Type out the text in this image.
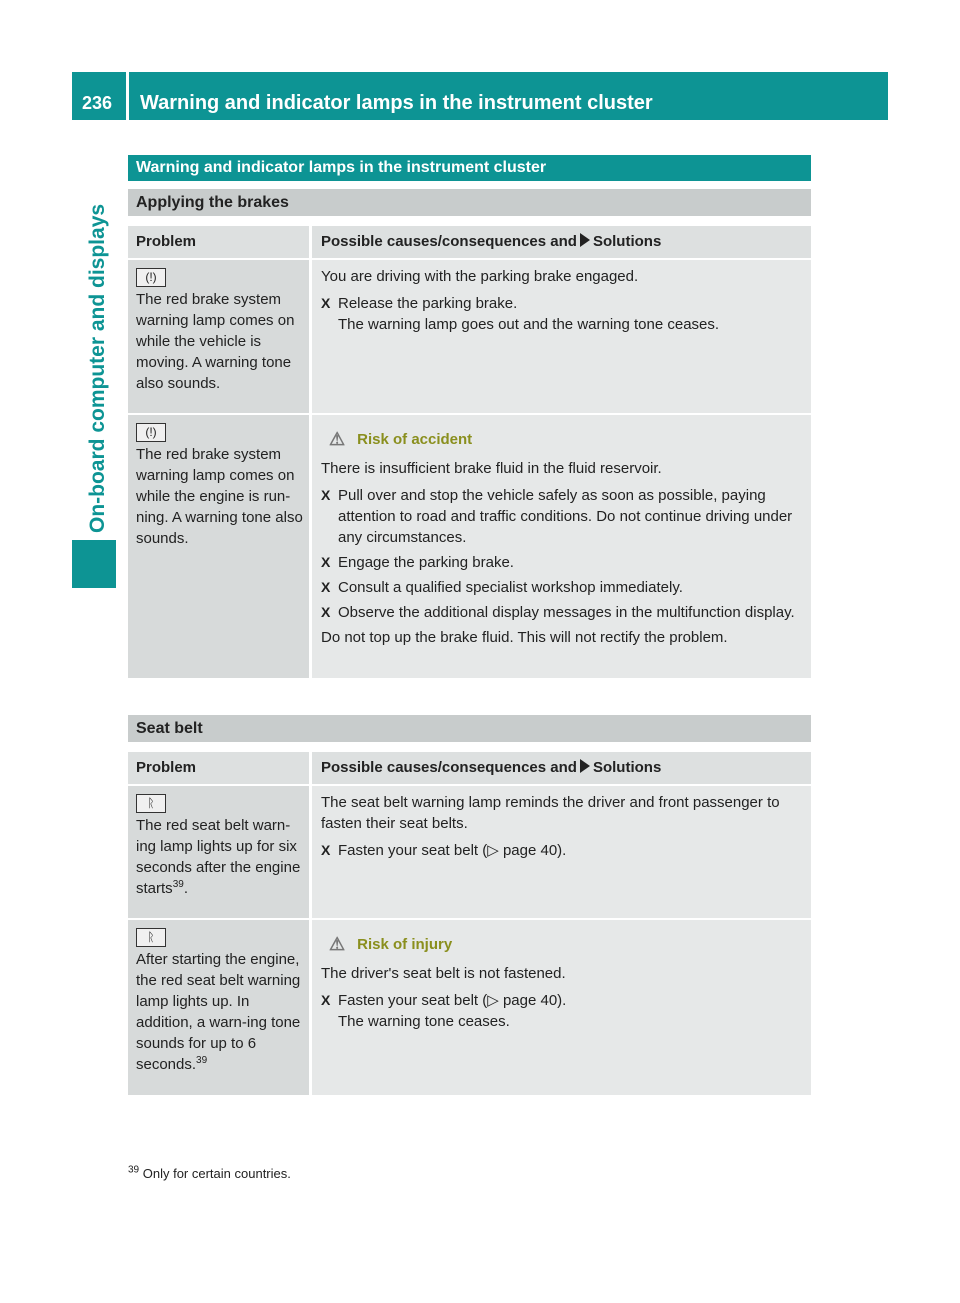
236 Warning and indicator lamps in the instrument cluster
On-board computer and displays
Warning and indicator lamps in the instrument cluster
Applying the brakes
Problem	Possible causes/consequences and Solutions
(!)
The red brake system warning lamp comes on while the vehicle is moving. A warning tone also sounds.

You are driving with the parking brake engaged.

X Release the parking brake.
The warning lamp goes out and the warning tone ceases.
(!)
The red brake system warning lamp comes on while the engine is run-ning. A warning tone also sounds.
⚠ Risk of accident

There is insufficient brake fluid in the fluid reservoir.

X Pull over and stop the vehicle safely as soon as possible, paying attention to road and traffic conditions. Do not continue driving under any circumstances.
X Engage the parking brake.
X Consult a qualified specialist workshop immediately.
X Observe the additional display messages in the multifunction display.

Do not top up the brake fluid. This will not rectify the problem.

Seat belt
Problem	Possible causes/consequences and Solutions
ᚱ
The red seat belt warn-ing lamp lights up for six seconds after the engine starts$^{39}$.

The seat belt warning lamp reminds the driver and front passenger to fasten their seat belts.

X Fasten your seat belt (▷ page 40).
ᚱ
After starting the engine, the red seat belt warning lamp lights up. In addition, a warn-ing tone sounds for up to 6 seconds.$^{39}$
⚠ Risk of injury

The driver's seat belt is not fastened.

X Fasten your seat belt (▷ page 40).
The warning tone ceases.
$^{39}$ Only for certain countries.
